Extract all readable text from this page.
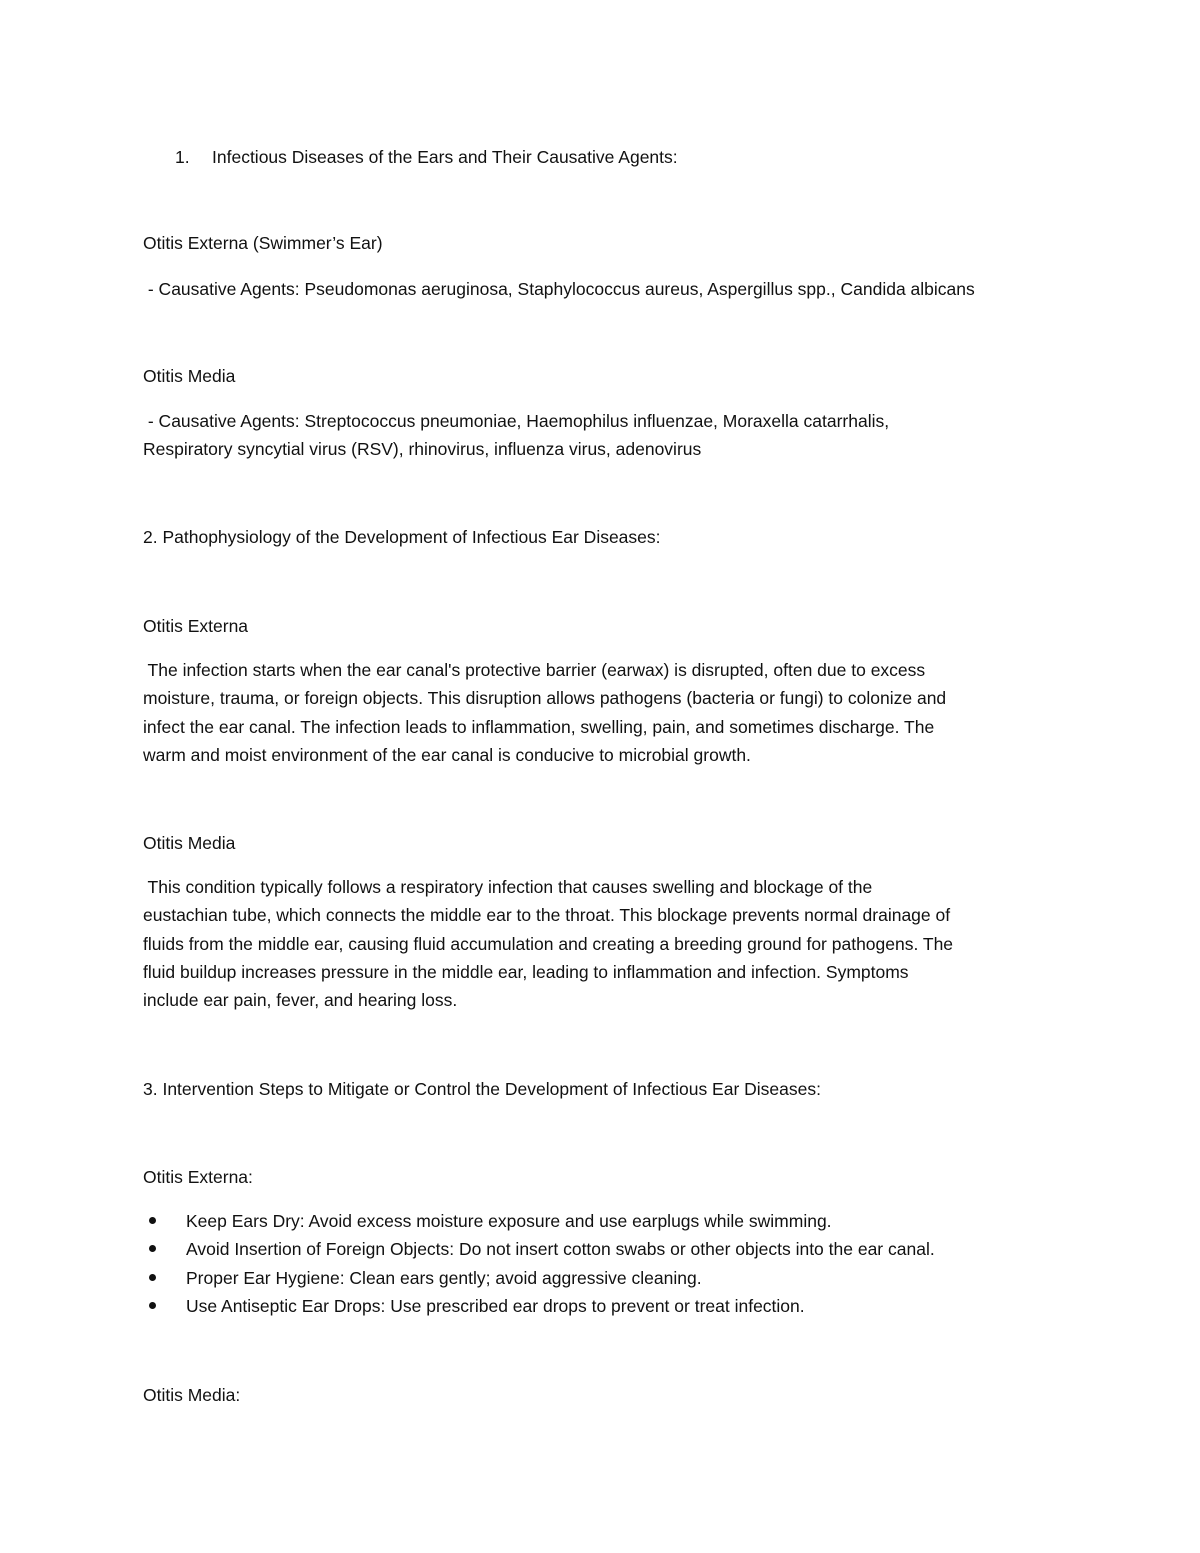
1. Infectious Diseases of the Ears and Their Causative Agents:

Otitis Externa (Swimmer’s Ear)

- Causative Agents: Pseudomonas aeruginosa, Staphylococcus aureus, Aspergillus spp., Candida albicans

Otitis Media

- Causative Agents: Streptococcus pneumoniae, Haemophilus influenzae, Moraxella catarrhalis,
Respiratory syncytial virus (RSV), rhinovirus, influenza virus, adenovirus

2. Pathophysiology of the Development of Infectious Ear Diseases:

Otitis Externa

The infection starts when the ear canal's protective barrier (earwax) is disrupted, often due to excess
moisture, trauma, or foreign objects. This disruption allows pathogens (bacteria or fungi) to colonize and
infect the ear canal. The infection leads to inflammation, swelling, pain, and sometimes discharge. The
warm and moist environment of the ear canal is conducive to microbial growth.

Otitis Media

This condition typically follows a respiratory infection that causes swelling and blockage of the
eustachian tube, which connects the middle ear to the throat. This blockage prevents normal drainage of
fluids from the middle ear, causing fluid accumulation and creating a breeding ground for pathogens. The
fluid buildup increases pressure in the middle ear, leading to inflammation and infection. Symptoms
include ear pain, fever, and hearing loss.

3. Intervention Steps to Mitigate or Control the Development of Infectious Ear Diseases:

Otitis Externa:

Keep Ears Dry: Avoid excess moisture exposure and use earplugs while swimming.
Avoid Insertion of Foreign Objects: Do not insert cotton swabs or other objects into the ear canal.
Proper Ear Hygiene: Clean ears gently; avoid aggressive cleaning.
Use Antiseptic Ear Drops: Use prescribed ear drops to prevent or treat infection.

Otitis Media:
